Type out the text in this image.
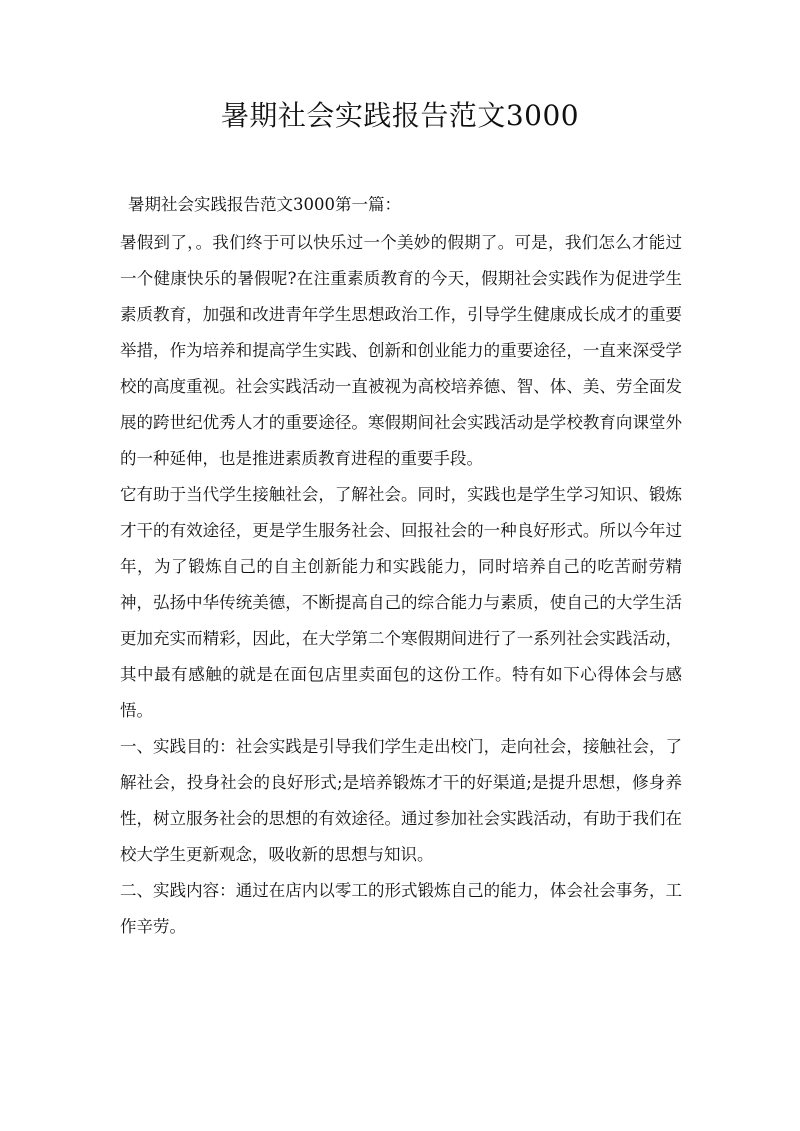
暑期社会实践报告范文3000

暑期社会实践报告范文3000第一篇：

暑假到了，。我们终于可以快乐过一个美妙的假期了。可是，我们怎么才能过一个健康快乐的暑假呢?在注重素质教育的今天，假期社会实践作为促进学生素质教育，加强和改进青年学生思想政治工作，引导学生健康成长成才的重要举措，作为培养和提高学生实践、创新和创业能力的重要途径，一直来深受学校的高度重视。社会实践活动一直被视为高校培养德、智、体、美、劳全面发展的跨世纪优秀人才的重要途径。寒假期间社会实践活动是学校教育向课堂外的一种延伸，也是推进素质教育进程的重要手段。

它有助于当代学生接触社会，了解社会。同时，实践也是学生学习知识、锻炼才干的有效途径，更是学生服务社会、回报社会的一种良好形式。所以今年过年，为了锻炼自己的自主创新能力和实践能力，同时培养自己的吃苦耐劳精神，弘扬中华传统美德，不断提高自己的综合能力与素质，使自己的大学生活更加充实而精彩，因此，在大学第二个寒假期间进行了一系列社会实践活动，其中最有感触的就是在面包店里卖面包的这份工作。特有如下心得体会与感悟。

一、实践目的：社会实践是引导我们学生走出校门，走向社会，接触社会，了解社会，投身社会的良好形式;是培养锻炼才干的好渠道;是提升思想，修身养性，树立服务社会的思想的有效途径。通过参加社会实践活动，有助于我们在校大学生更新观念，吸收新的思想与知识。

二、实践内容：通过在店内以零工的形式锻炼自己的能力，体会社会事务，工作辛劳。
